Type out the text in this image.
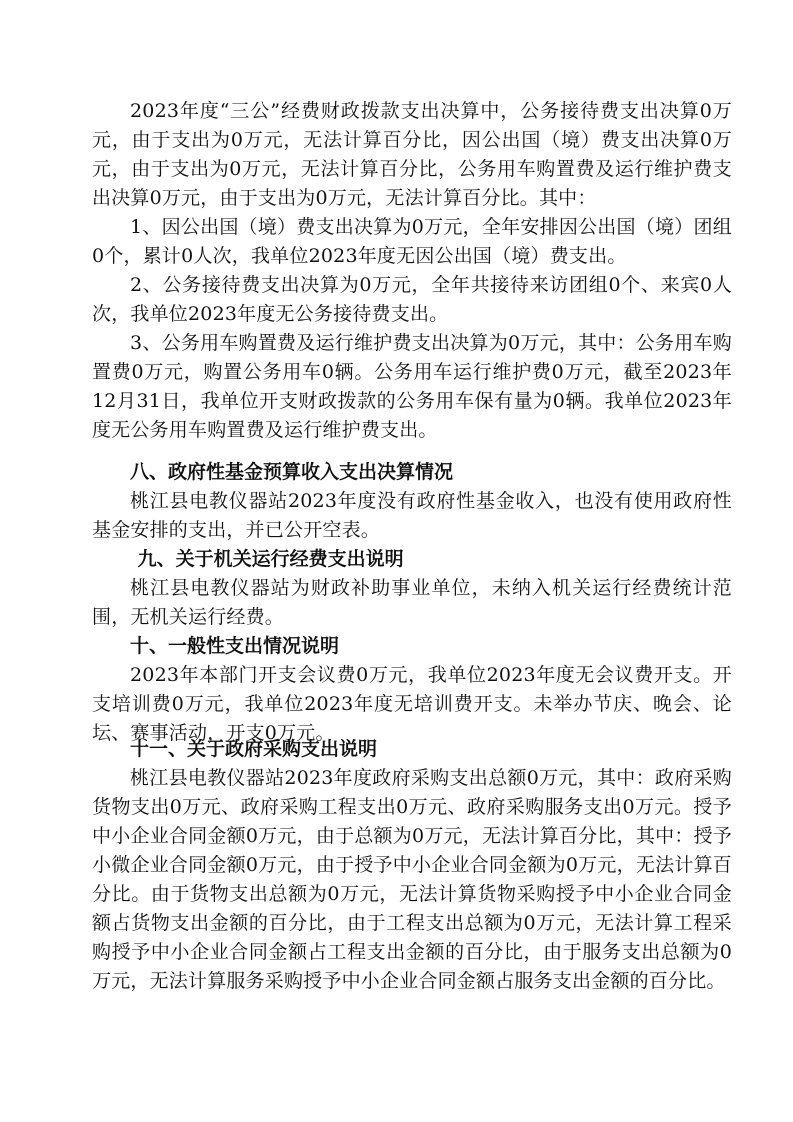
2023年度“三公”经费财政拨款支出决算中，公务接待费支出决算0万元，由于支出为0万元，无法计算百分比，因公出国（境）费支出决算0万元，由于支出为0万元，无法计算百分比，公务用车购置费及运行维护费支出决算0万元，由于支出为0万元，无法计算百分比。其中：

1、因公出国（境）费支出决算为0万元，全年安排因公出国（境）团组0个，累计0人次，我单位2023年度无因公出国（境）费支出。

2、公务接待费支出决算为0万元，全年共接待来访团组0个、来宾0人次，我单位2023年度无公务接待费支出。

3、公务用车购置费及运行维护费支出决算为0万元，其中：公务用车购置费0万元，购置公务用车0辆。公务用车运行维护费0万元，截至2023年12月31日，我单位开支财政拨款的公务用车保有量为0辆。我单位2023年度无公务用车购置费及运行维护费支出。

八、政府性基金预算收入支出决算情况

桃江县电教仪器站2023年度没有政府性基金收入，也没有使用政府性基金安排的支出，并已公开空表。

九、关于机关运行经费支出说明

桃江县电教仪器站为财政补助事业单位，未纳入机关运行经费统计范围，无机关运行经费。

十、一般性支出情况说明

2023年本部门开支会议费0万元，我单位2023年度无会议费开支。开支培训费0万元，我单位2023年度无培训费开支。未举办节庆、晚会、论坛、赛事活动，开支0万元。

十一、关于政府采购支出说明

桃江县电教仪器站2023年度政府采购支出总额0万元，其中：政府采购货物支出0万元、政府采购工程支出0万元、政府采购服务支出0万元。授予中小企业合同金额0万元，由于总额为0万元，无法计算百分比，其中：授予小微企业合同金额0万元，由于授予中小企业合同金额为0万元，无法计算百分比。由于货物支出总额为0万元，无法计算货物采购授予中小企业合同金额占货物支出金额的百分比，由于工程支出总额为0万元，无法计算工程采购授予中小企业合同金额占工程支出金额的百分比，由于服务支出总额为0万元，无法计算服务采购授予中小企业合同金额占服务支出金额的百分比。
